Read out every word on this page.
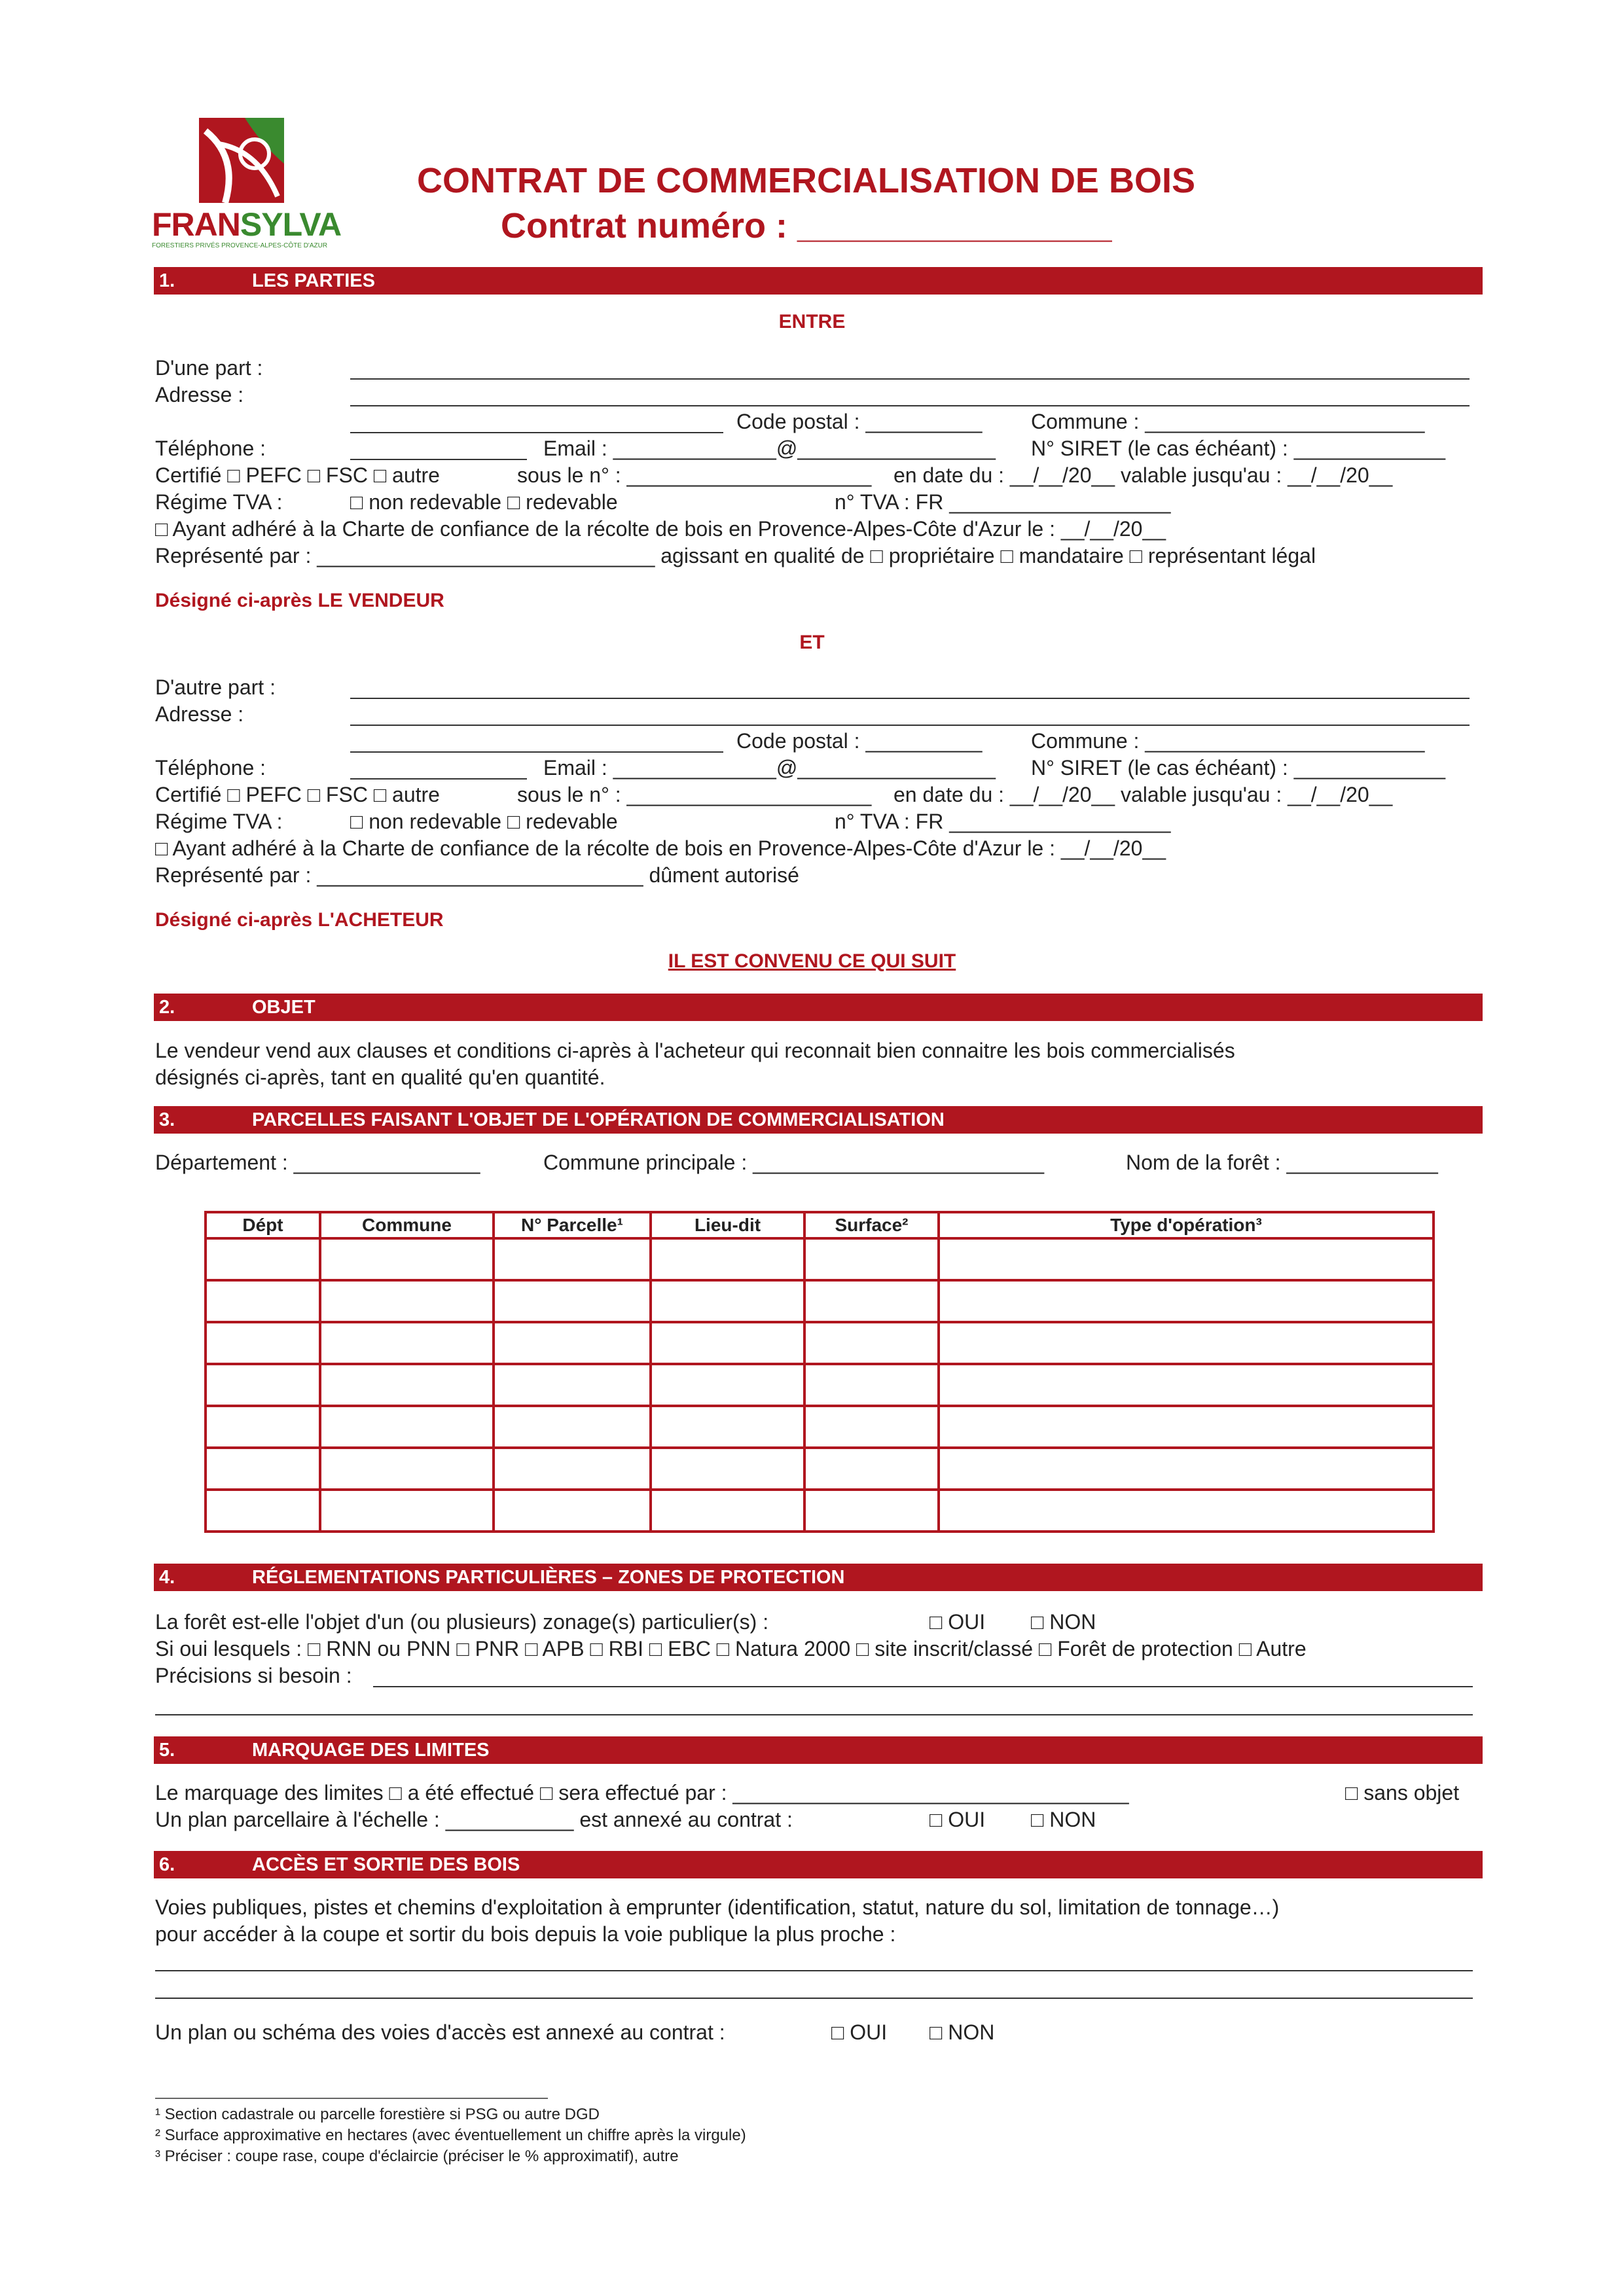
FRANSYLVA
FORESTIERS PRIVÉS PROVENCE-ALPES-CÔTE D'AZUR
CONTRAT DE COMMERCIALISATION DE BOIS
Contrat numéro : ________________
1.	LES PARTIES
ENTRE
D'une part :
Adresse :
Code postal : __________ Commune : ________________________
Téléphone :	Email : ______________@_________________ N° SIRET (le cas échéant) : _____________
Certifié □ PEFC □ FSC □ autre	sous le n° : _____________________ en date du : __/__/20__ valable jusqu'au : __/__/20__
Régime TVA :	□ non redevable □ redevable	n° TVA : FR ___________________
□ Ayant adhéré à la Charte de confiance de la récolte de bois en Provence-Alpes-Côte d'Azur le : __/__/20__
Représenté par : _____________________________ agissant en qualité de □ propriétaire □ mandataire □ représentant légal
Désigné ci-après LE VENDEUR
ET
D'autre part :
Adresse :
Code postal : __________ Commune : ________________________
Téléphone :	Email : ______________@_________________ N° SIRET (le cas échéant) : _____________
Certifié □ PEFC □ FSC □ autre	sous le n° : _____________________ en date du : __/__/20__ valable jusqu'au : __/__/20__
Régime TVA :	□ non redevable □ redevable	n° TVA : FR ___________________
□ Ayant adhéré à la Charte de confiance de la récolte de bois en Provence-Alpes-Côte d'Azur le : __/__/20__
Représenté par : ____________________________ dûment autorisé
Désigné ci-après L'ACHETEUR
IL EST CONVENU CE QUI SUIT
2.	OBJET
Le vendeur vend aux clauses et conditions ci-après à l'acheteur qui reconnait bien connaitre les bois commercialisés
désignés ci-après, tant en qualité qu'en quantité.
3.	PARCELLES FAISANT L'OBJET DE L'OPÉRATION DE COMMERCIALISATION
Département : ________________	Commune principale : _________________________	Nom de la forêt : _____________
Dépt	Commune	N° Parcelle¹	Lieu-dit	Surface²	Type d'opération³

4.	RÉGLEMENTATIONS PARTICULIÈRES – ZONES DE PROTECTION
La forêt est-elle l'objet d'un (ou plusieurs) zonage(s) particulier(s) :	□ OUI □ NON
Si oui lesquels : □ RNN ou PNN □ PNR □ APB □ RBI □ EBC □ Natura 2000 □ site inscrit/classé □ Forêt de protection □ Autre
Précisions si besoin :
5.	MARQUAGE DES LIMITES
Le marquage des limites □ a été effectué □ sera effectué par : __________________________________	□ sans objet
Un plan parcellaire à l'échelle : ___________ est annexé au contrat :	□ OUI □ NON
6.	ACCÈS ET SORTIE DES BOIS
Voies publiques, pistes et chemins d'exploitation à emprunter (identification, statut, nature du sol, limitation de tonnage…)
pour accéder à la coupe et sortir du bois depuis la voie publique la plus proche :
Un plan ou schéma des voies d'accès est annexé au contrat :	□ OUI □ NON
¹ Section cadastrale ou parcelle forestière si PSG ou autre DGD
² Surface approximative en hectares (avec éventuellement un chiffre après la virgule)
³ Préciser : coupe rase, coupe d'éclaircie (préciser le % approximatif), autre
